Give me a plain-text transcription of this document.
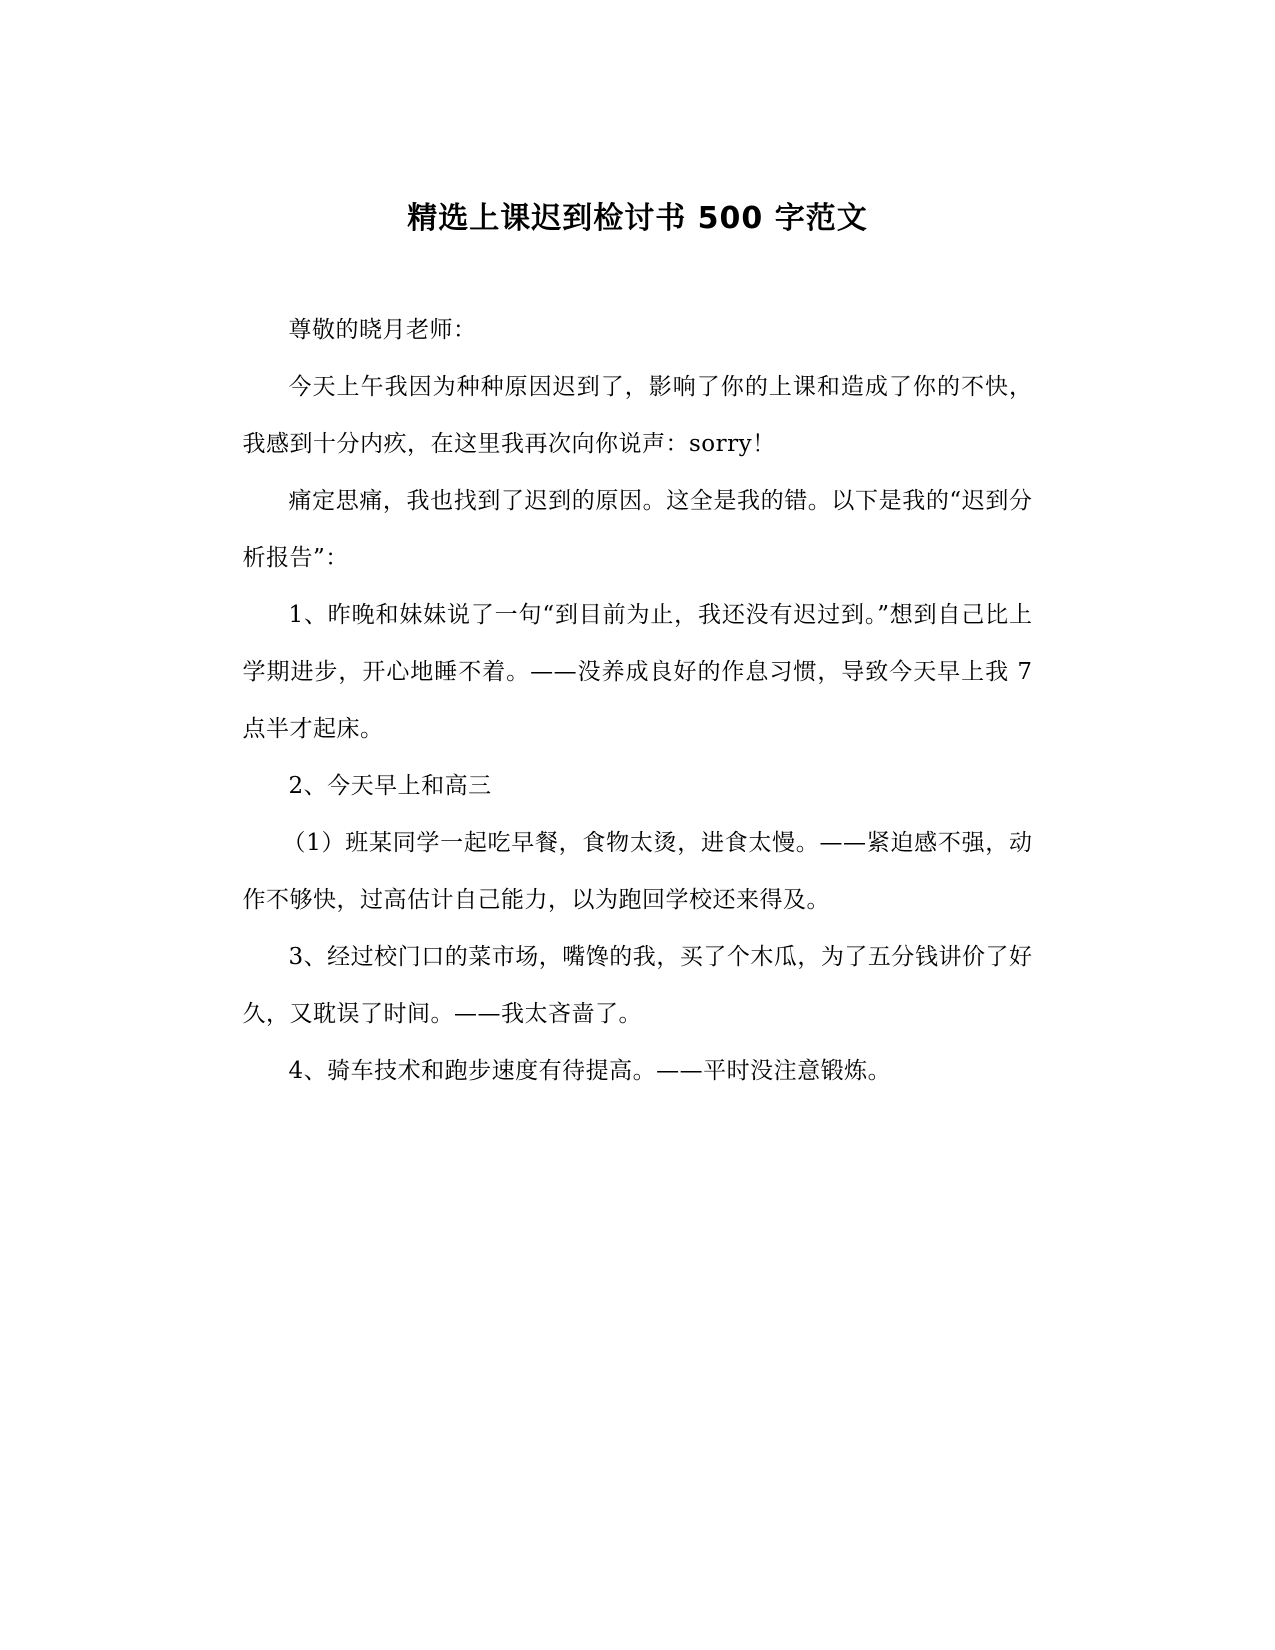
精选上课迟到检讨书 500 字范文

尊敬的晓月老师：

今天上午我因为种种原因迟到了，影响了你的上课和造成了你的不快，我感到十分内疚，在这里我再次向你说声：sorry！

痛定思痛，我也找到了迟到的原因。这全是我的错。以下是我的“迟到分析报告”：

1、昨晚和妹妹说了一句“到目前为止，我还没有迟过到。”想到自己比上学期进步，开心地睡不着。——没养成良好的作息习惯，导致今天早上我 7 点半才起床。

2、今天早上和高三

（1）班某同学一起吃早餐，食物太烫，进食太慢。——紧迫感不强，动作不够快，过高估计自己能力，以为跑回学校还来得及。

3、经过校门口的菜市场，嘴馋的我，买了个木瓜，为了五分钱讲价了好久，又耽误了时间。——我太吝啬了。

4、骑车技术和跑步速度有待提高。——平时没注意锻炼。
